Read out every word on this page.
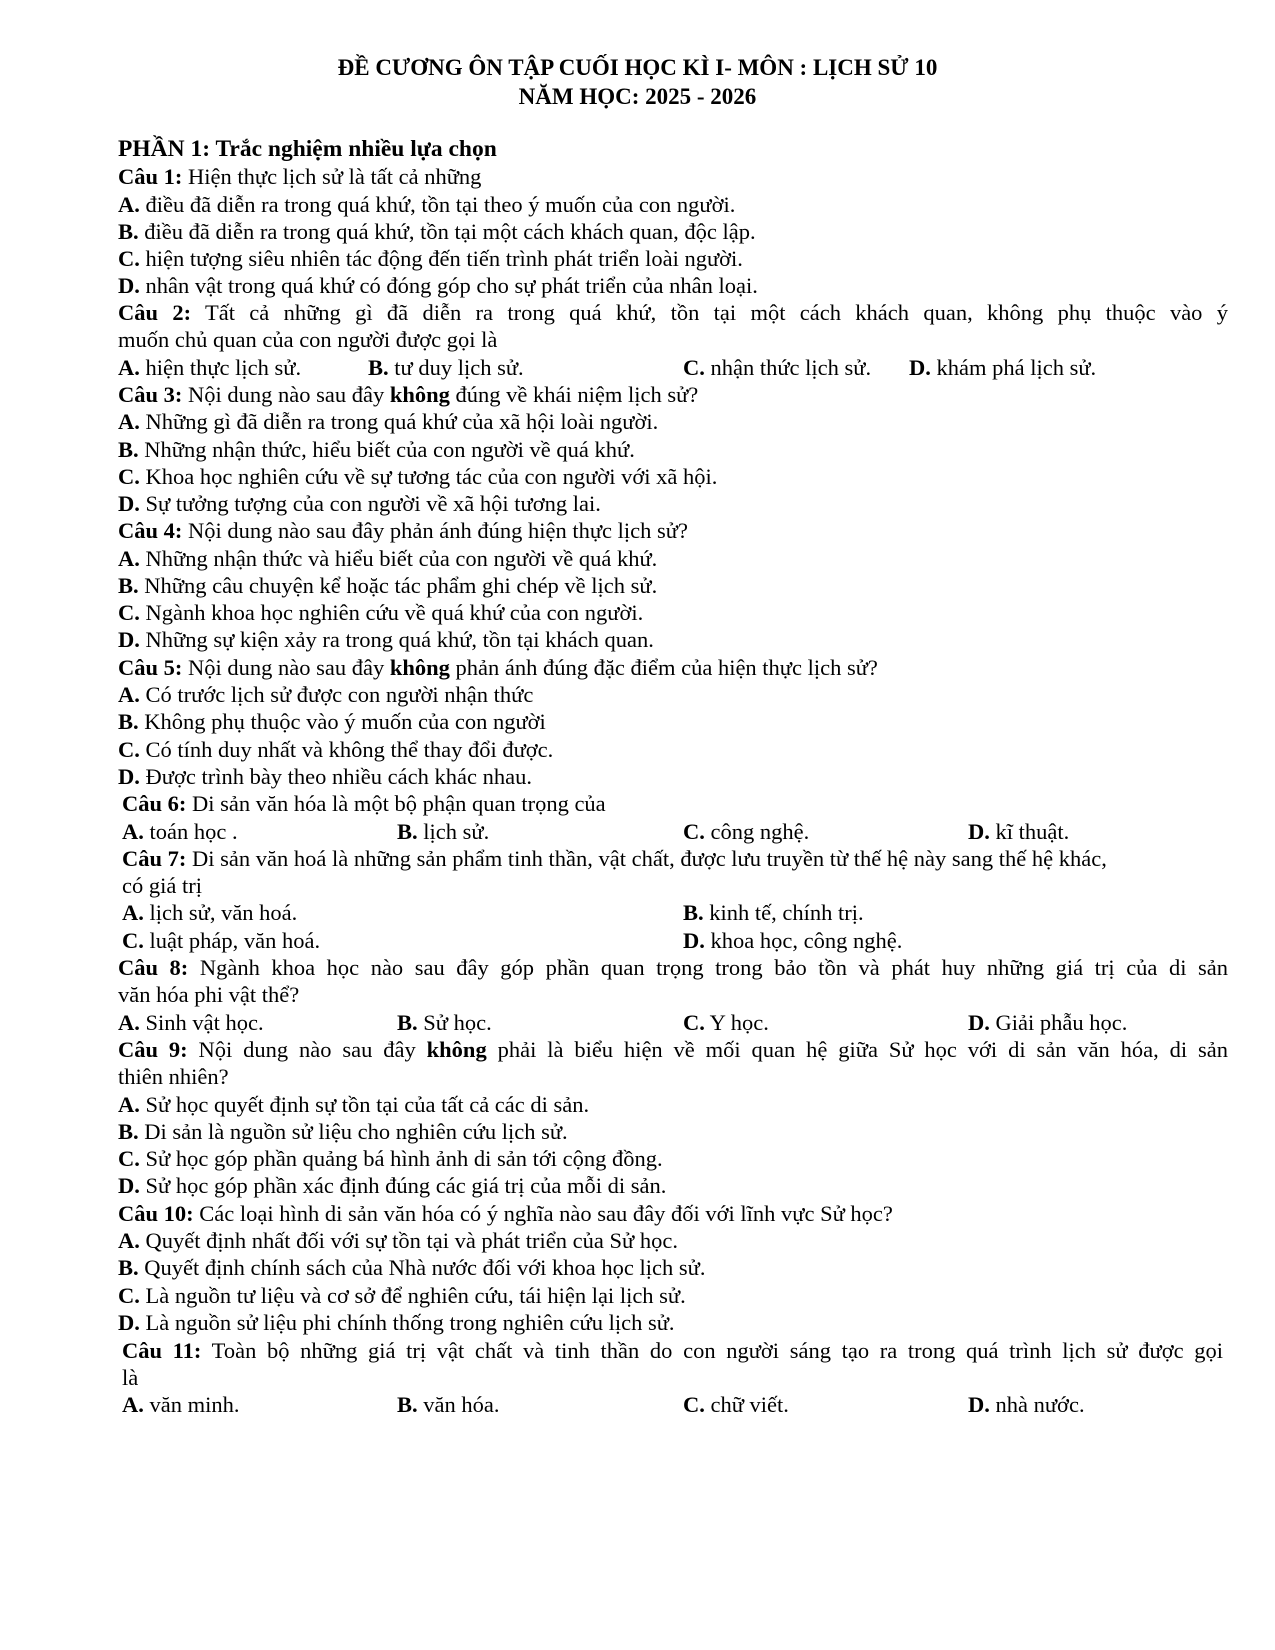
ĐỀ CƯƠNG ÔN TẬP CUỐI HỌC KÌ I- MÔN : LỊCH SỬ 10
NĂM HỌC: 2025 - 2026
PHẦN 1: Trắc nghiệm nhiều lựa chọn
Câu 1: Hiện thực lịch sử là tất cả những
A. điều đã diễn ra trong quá khứ, tồn tại theo ý muốn của con người.
B. điều đã diễn ra trong quá khứ, tồn tại một cách khách quan, độc lập.
C. hiện tượng siêu nhiên tác động đến tiến trình phát triển loài người.
D. nhân vật trong quá khứ có đóng góp cho sự phát triển của nhân loại.
Câu 2: Tất cả những gì đã diễn ra trong quá khứ, tồn tại một cách khách quan, không phụ thuộc vào ý
muốn chủ quan của con người được gọi là
A. hiện thực lịch sử.	B. tư duy lịch sử.	C. nhận thức lịch sử. D. khám phá lịch sử.
Câu 3: Nội dung nào sau đây không đúng về khái niệm lịch sử?
A. Những gì đã diễn ra trong quá khứ của xã hội loài người.
B. Những nhận thức, hiểu biết của con người về quá khứ.
C. Khoa học nghiên cứu về sự tương tác của con người với xã hội.
D. Sự tưởng tượng của con người về xã hội tương lai.
Câu 4: Nội dung nào sau đây phản ánh đúng hiện thực lịch sử?
A. Những nhận thức và hiểu biết của con người về quá khứ.
B. Những câu chuyện kể hoặc tác phẩm ghi chép về lịch sử.
C. Ngành khoa học nghiên cứu về quá khứ của con người.
D. Những sự kiện xảy ra trong quá khứ, tồn tại khách quan.
Câu 5: Nội dung nào sau đây không phản ánh đúng đặc điểm của hiện thực lịch sử?
A. Có trước lịch sử được con người nhận thức
B. Không phụ thuộc vào ý muốn của con người
C. Có tính duy nhất và không thể thay đổi được.
D. Được trình bày theo nhiều cách khác nhau.
Câu 6: Di sản văn hóa là một bộ phận quan trọng của
A. toán học .	B. lịch sử.	C. công nghệ.	D. kĩ thuật.
Câu 7: Di sản văn hoá là những sản phẩm tinh thần, vật chất, được lưu truyền từ thế hệ này sang thế hệ khác,
có giá trị
A. lịch sử, văn hoá.	B. kinh tế, chính trị.
C. luật pháp, văn hoá.	D. khoa học, công nghệ.
Câu 8: Ngành khoa học nào sau đây góp phần quan trọng trong bảo tồn và phát huy những giá trị của di sản
văn hóa phi vật thể?
A. Sinh vật học.	B. Sử học.	C. Y học.	D. Giải phẫu học.
Câu 9: Nội dung nào sau đây không phải là biểu hiện về mối quan hệ giữa Sử học với di sản văn hóa, di sản
thiên nhiên?
A. Sử học quyết định sự tồn tại của tất cả các di sản.
B. Di sản là nguồn sử liệu cho nghiên cứu lịch sử.
C. Sử học góp phần quảng bá hình ảnh di sản tới cộng đồng.
D. Sử học góp phần xác định đúng các giá trị của mỗi di sản.
Câu 10: Các loại hình di sản văn hóa có ý nghĩa nào sau đây đối với lĩnh vực Sử học?
A. Quyết định nhất đối với sự tồn tại và phát triển của Sử học.
B. Quyết định chính sách của Nhà nước đối với khoa học lịch sử.
C. Là nguồn tư liệu và cơ sở để nghiên cứu, tái hiện lại lịch sử.
D. Là nguồn sử liệu phi chính thống trong nghiên cứu lịch sử.
Câu 11: Toàn bộ những giá trị vật chất và tinh thần do con người sáng tạo ra trong quá trình lịch sử được gọi
là
A. văn minh.	B. văn hóa.	C. chữ viết.	D. nhà nước.
